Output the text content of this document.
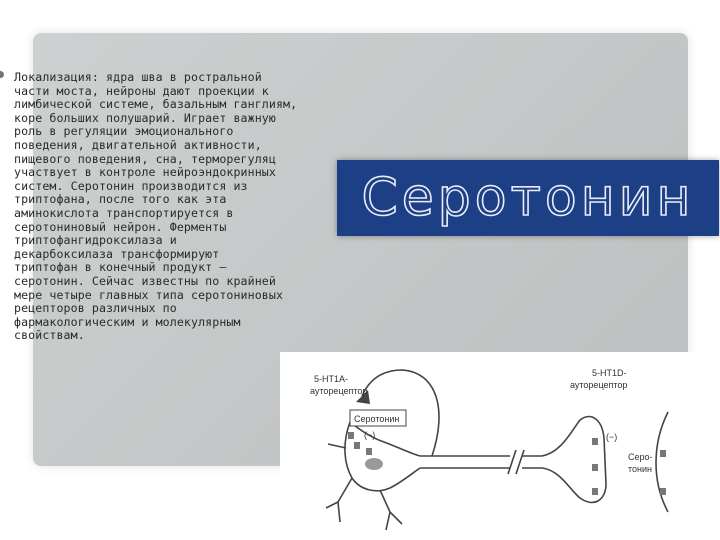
Локализация: ядра шва в ростральной
части моста, нейроны дают проекции к
лимбической системе, базальным ганглиям,
коре больших полушарий. Играет важную
роль в регуляции эмоционального
поведения, двигательной активности,
пищевого поведения, сна, терморегуляц
участвует в контроле нейроэндокринных
систем. Серотонин производится из
триптофана, после того как эта
аминокислота транспортируется в
серотониновый нейрон. Ферменты
триптофангидроксилаза и
декарбоксилаза трансформируют
триптофан в конечный продукт —
серотонин. Сейчас известны по крайней
мере четыре главных типа серотониновых
рецепторов различных по
фармакологическим и молекулярным
свойствам.
Серотонин
5-HT1A-
ауторецептор
Серотонин
(−)
5-HT1D-
ауторецептор
(−)
Серо-
тонин
